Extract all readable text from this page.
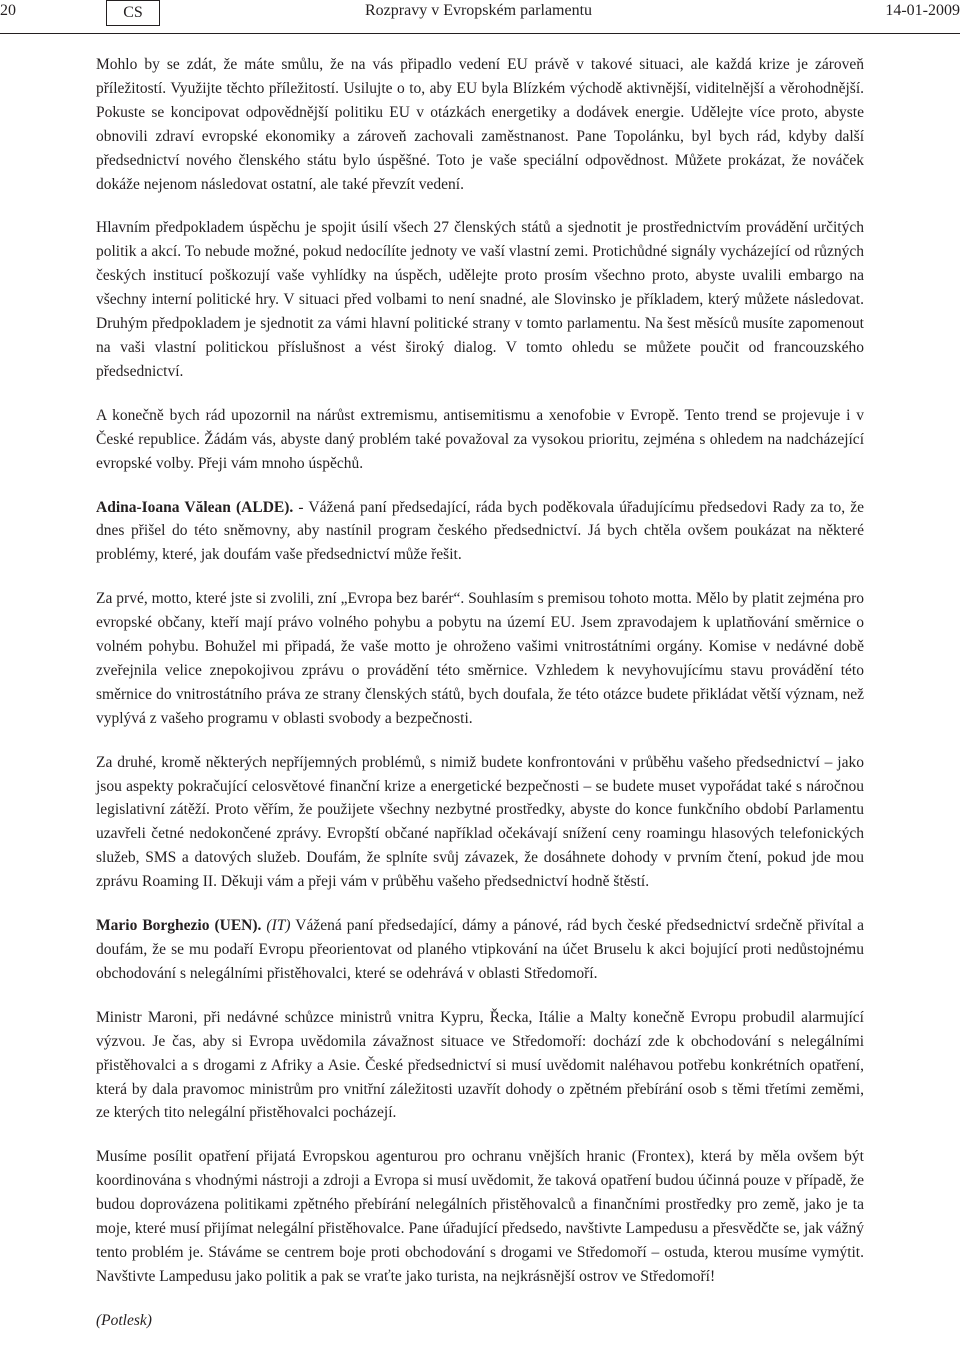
20	CS	Rozpravy v Evropském parlamentu	14-01-2009

Mohlo by se zdát, že máte smůlu, že na vás připadlo vedení EU právě v takové situaci, ale každá krize je zároveň příležitostí. Využijte těchto příležitostí. Usilujte o to, aby EU byla Blízkém východě aktivnější, viditelnější a věrohodnější. Pokuste se koncipovat odpovědnější politiku EU v otázkách energetiky a dodávek energie. Udělejte více proto, abyste obnovili zdraví evropské ekonomiky a zároveň zachovali zaměstnanost. Pane Topolánku, byl bych rád, kdyby další předsednictví nového členského státu bylo úspěšné. Toto je vaše speciální odpovědnost. Můžete prokázat, že nováček dokáže nejenom následovat ostatní, ale také převzít vedení.

Hlavním předpokladem úspěchu je spojit úsilí všech 27 členských států a sjednotit je prostřednictvím provádění určitých politik a akcí. To nebude možné, pokud nedocílíte jednoty ve vaší vlastní zemi. Protichůdné signály vycházející od různých českých institucí poškozují vaše vyhlídky na úspěch, udělejte proto prosím všechno proto, abyste uvalili embargo na všechny interní politické hry. V situaci před volbami to není snadné, ale Slovinsko je příkladem, který můžete následovat. Druhým předpokladem je sjednotit za vámi hlavní politické strany v tomto parlamentu. Na šest měsíců musíte zapomenout na vaši vlastní politickou příslušnost a vést široký dialog. V tomto ohledu se můžete poučit od francouzského předsednictví.

A konečně bych rád upozornil na nárůst extremismu, antisemitismu a xenofobie v Evropě. Tento trend se projevuje i v České republice. Žádám vás, abyste daný problém také považoval za vysokou prioritu, zejména s ohledem na nadcházející evropské volby. Přeji vám mnoho úspěchů.

Adina-Ioana Vălean (ALDE). - Vážená paní předsedající, ráda bych poděkovala úřadujícímu předsedovi Rady za to, že dnes přišel do této sněmovny, aby nastínil program českého předsednictví. Já bych chtěla ovšem poukázat na některé problémy, které, jak doufám vaše předsednictví může řešit.

Za prvé, motto, které jste si zvolili, zní „Evropa bez barér“. Souhlasím s premisou tohoto motta. Mělo by platit zejména pro evropské občany, kteří mají právo volného pohybu a pobytu na území EU. Jsem zpravodajem k uplatňování směrnice o volném pohybu. Bohužel mi připadá, že vaše motto je ohroženo vašimi vnitrostátními orgány. Komise v nedávné době zveřejnila velice znepokojivou zprávu o provádění této směrnice. Vzhledem k nevyhovujícímu stavu provádění této směrnice do vnitrostátního práva ze strany členských států, bych doufala, že této otázce budete přikládat větší význam, než vyplývá z vašeho programu v oblasti svobody a bezpečnosti.

Za druhé, kromě některých nepříjemných problémů, s nimiž budete konfrontováni v průběhu vašeho předsednictví – jako jsou aspekty pokračující celosvětové finanční krize a energetické bezpečnosti – se budete muset vypořádat také s náročnou legislativní zátěží. Proto věřím, že použijete všechny nezbytné prostředky, abyste do konce funkčního období Parlamentu uzavřeli četné nedokončené zprávy. Evropští občané například očekávají snížení ceny roamingu hlasových telefonických služeb, SMS a datových služeb. Doufám, že splníte svůj závazek, že dosáhnete dohody v prvním čtení, pokud jde mou zprávu Roaming II. Děkuji vám a přeji vám v průběhu vašeho předsednictví hodně štěstí.

Mario Borghezio (UEN). (IT) Vážená paní předsedající, dámy a pánové, rád bych české předsednictví srdečně přivítal a doufám, že se mu podaří Evropu přeorientovat od planého vtipkování na účet Bruselu k akci bojující proti nedůstojnému obchodování s nelegálními přistěhovalci, které se odehrává v oblasti Středomoří.

Ministr Maroni, při nedávné schůzce ministrů vnitra Kypru, Řecka, Itálie a Malty konečně Evropu probudil alarmující výzvou. Je čas, aby si Evropa uvědomila závažnost situace ve Středomoří: dochází zde k obchodování s nelegálními přistěhovalci a s drogami z Afriky a Asie. České předsednictví si musí uvědomit naléhavou potřebu konkrétních opatření, která by dala pravomoc ministrům pro vnitřní záležitosti uzavřít dohody o zpětném přebírání osob s těmi třetími zeměmi, ze kterých tito nelegální přistěhovalci pocházejí.

Musíme posílit opatření přijatá Evropskou agenturou pro ochranu vnějších hranic (Frontex), která by měla ovšem být koordinována s vhodnými nástroji a zdroji a Evropa si musí uvědomit, že taková opatření budou účinná pouze v případě, že budou doprovázena politikami zpětného přebírání nelegálních přistěhovalců a finančními prostředky pro země, jako je ta moje, které musí přijímat nelegální přistěhovalce. Pane úřadující předsedo, navštivte Lampedusu a přesvědčte se, jak vážný tento problém je. Stáváme se centrem boje proti obchodování s drogami ve Středomoří – ostuda, kterou musíme vymýtit. Navštivte Lampedusu jako politik a pak se vraťte jako turista, na nejkrásnější ostrov ve Středomoří!

(Potlesk)
